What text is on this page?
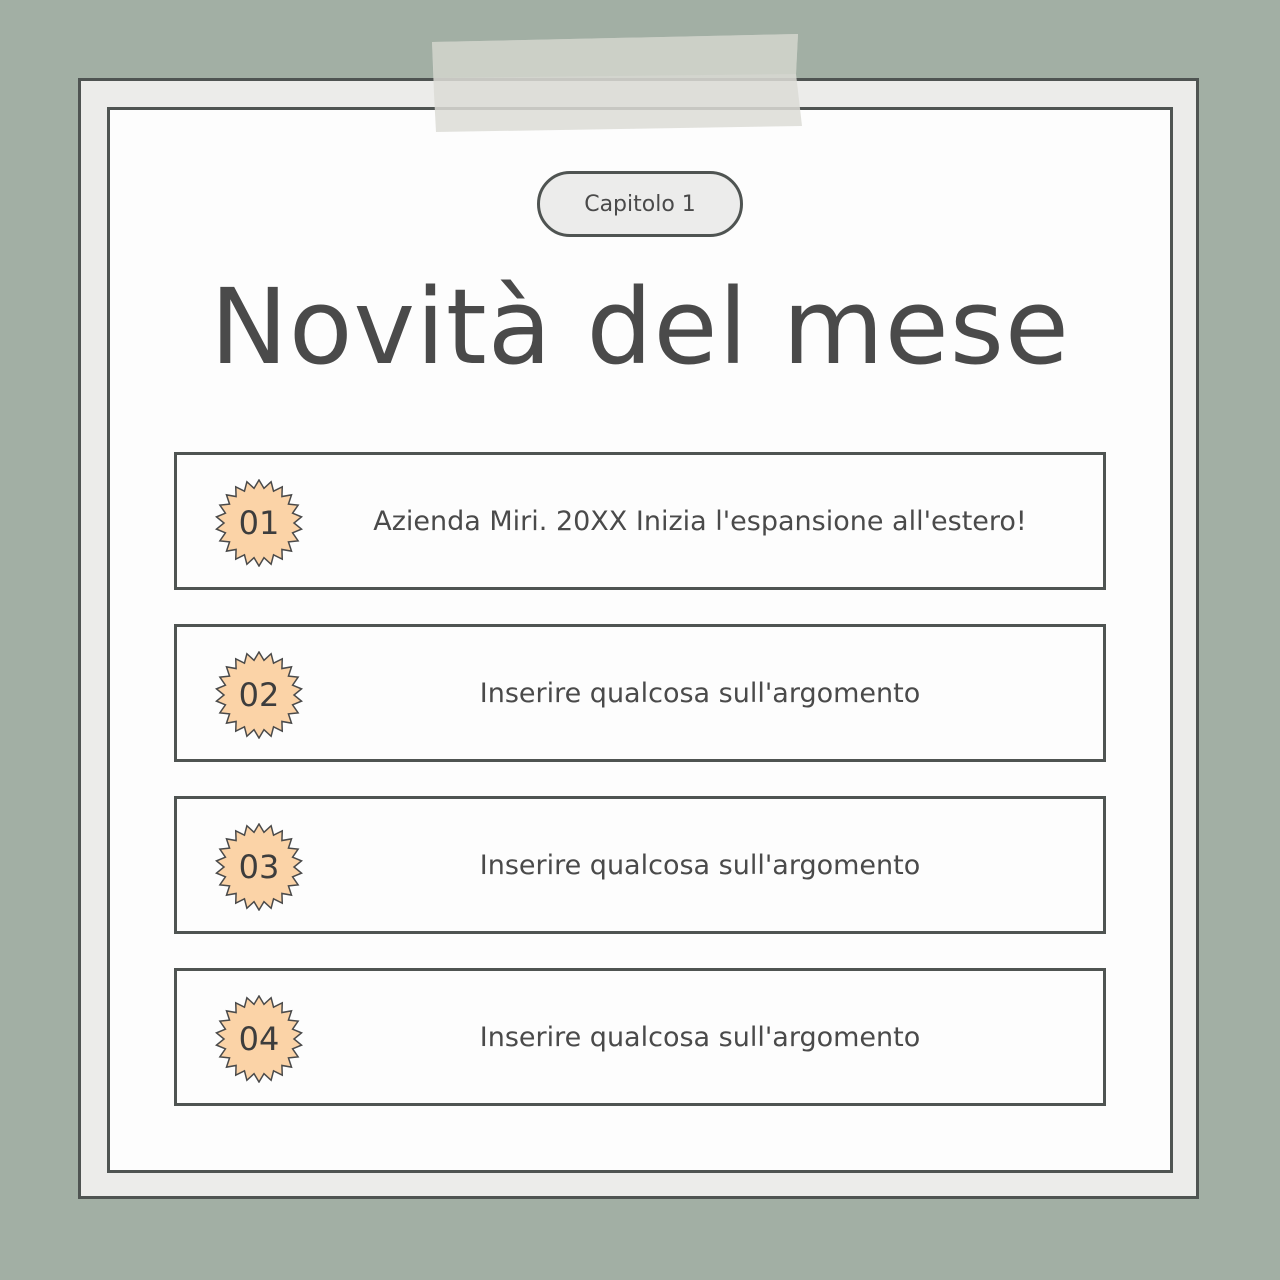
Capitolo 1
Novità del mese
01	Azienda Miri. 20XX Inizia l'espansione all'estero!
02	Inserire qualcosa sull'argomento
03	Inserire qualcosa sull'argomento
04	Inserire qualcosa sull'argomento
